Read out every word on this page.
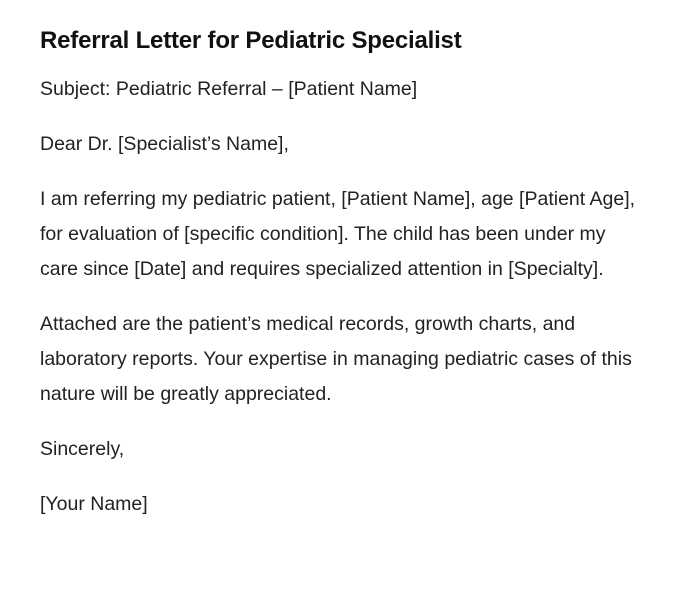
Referral Letter for Pediatric Specialist

Subject: Pediatric Referral – [Patient Name]

Dear Dr. [Specialist’s Name],

I am referring my pediatric patient, [Patient Name], age [Patient Age], for evaluation of [specific condition]. The child has been under my care since [Date] and requires specialized attention in [Specialty].

Attached are the patient’s medical records, growth charts, and laboratory reports. Your expertise in managing pediatric cases of this nature will be greatly appreciated.

Sincerely,

[Your Name]
